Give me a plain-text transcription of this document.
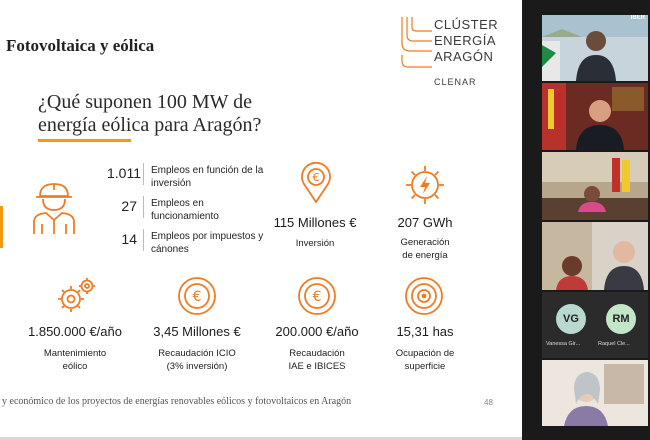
Fotovoltaica y eólica
CLÚSTER
ENERGÍA
ARAGÓN
CLENAR
¿Qué suponen 100 MW de energía eólica para Aragón?
1.011 Empleos en función de la inversión
27 Empleos en funcionamiento
14 Empleos por impuestos y cánones
€
115 Millones €
Inversión
207 GWh
Generación de energía
1.850.000 €/año
Mantenimiento eólico
€
3,45 Millones €
Recaudación ICIO (3% inversión)
€
200.000 €/año
Recaudación IAE e IBICES
15,31 has
Ocupación de superficie
y económico de los proyectos de energías renovables eólicos y fotovoltaicos en Aragón	48
IBER
VG	RM
Vanessa Gir...	Raquel Cle...
